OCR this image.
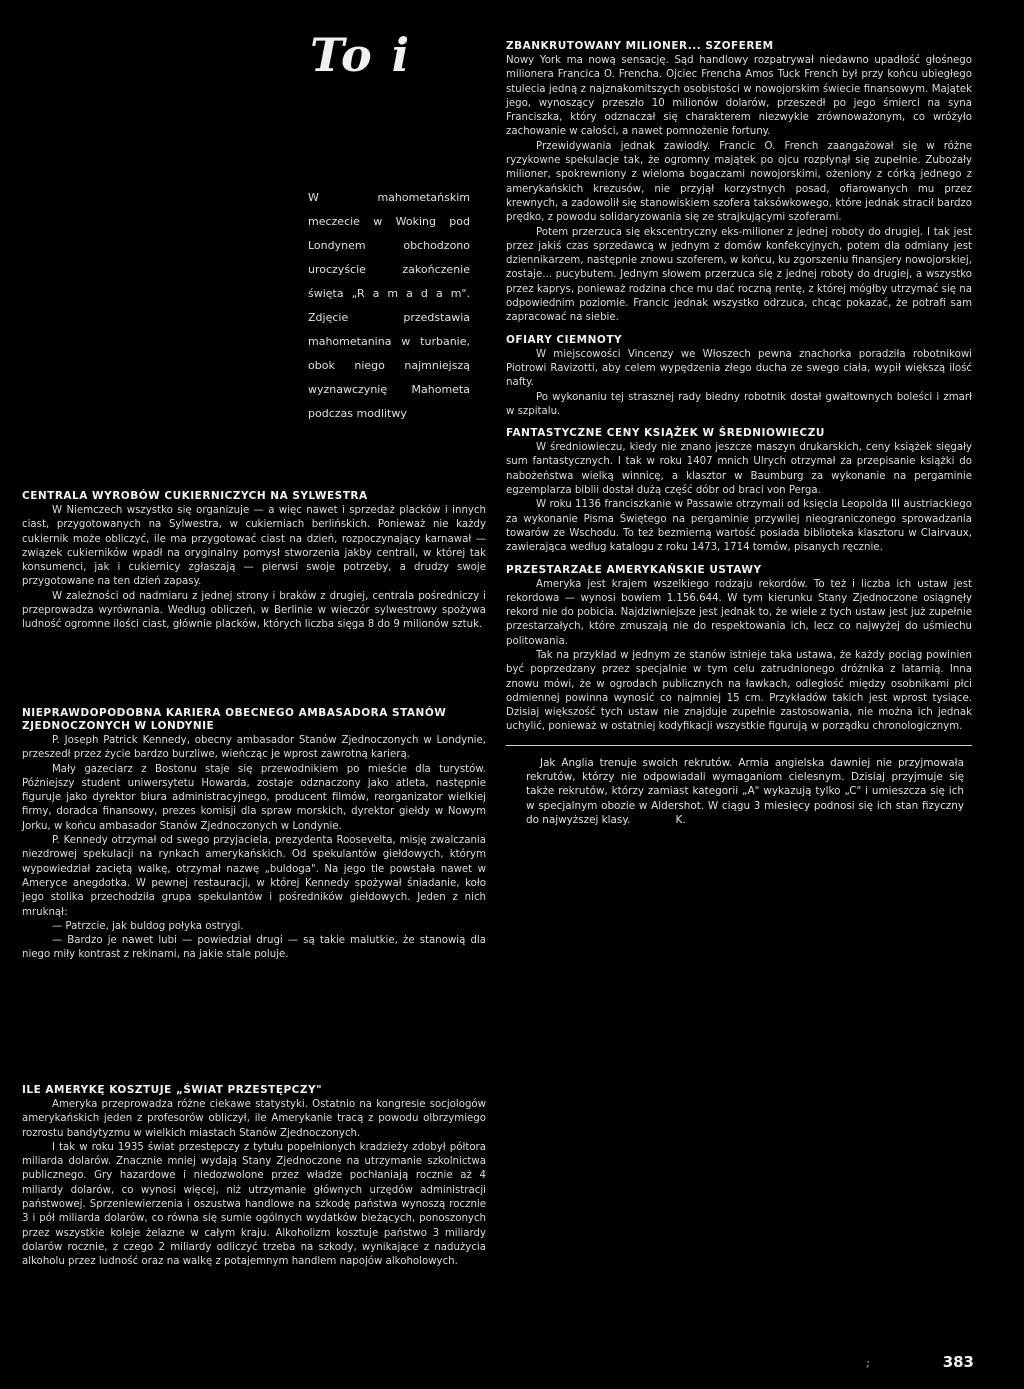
To i

W mahometańskim meczecie w Woking pod Londynem obchodzono uroczyście zakończenie święta „R a m a d a m". Zdjęcie przedstawia mahometanina w turbanie, obok niego najmniejszą wyznawczynię Mahometa podczas modlitwy

CENTRALA WYROBÓW CUKIERNICZYCH NA SYLWESTRA

W Niemczech wszystko się organizuje — a więc nawet i sprzedaż placków i innych ciast, przygotowanych na Sylwestra, w cukierniach berlińskich. Ponieważ nie każdy cukiernik może obliczyć, ile ma przygotować ciast na dzień, rozpoczynający karnawał — związek cukierników wpadł na oryginalny pomysł stworzenia jakby centrali, w której tak konsumenci, jak i cukiernicy zgłaszają — pierwsi swoje potrzeby, a drudzy swoje przygotowane na ten dzień zapasy.

W zależności od nadmiaru z jednej strony i braków z drugiej, centrala pośredniczy i przeprowadza wyrównania. Według obliczeń, w Berlinie w wieczór sylwestrowy spożywa ludność ogromne ilości ciast, głównie placków, których liczba sięga 8 do 9 milionów sztuk.

NIEPRAWDOPODOBNA KARIERA OBECNEGO AMBASADORA STANÓW ZJEDNOCZONYCH W LONDYNIE

P. Joseph Patrick Kennedy, obecny ambasador Stanów Zjednoczonych w Londynie, przeszedł przez życie bardzo burzliwe, wieńcząc je wprost zawrotną karierą.

Mały gazeciarz z Bostonu staje się przewodnikiem po mieście dla turystów. Późniejszy student uniwersytetu Howarda, zostaje odznaczony jako atleta, następnie figuruje jako dyrektor biura administracyjnego, producent filmów, reorganizator wielkiej firmy, doradca finansowy, prezes komisji dla spraw morskich, dyrektor giełdy w Nowym Jorku, w końcu ambasador Stanów Zjednoczonych w Londynie.

P. Kennedy otrzymał od swego przyjaciela, prezydenta Roosevelta, misję zwalczania niezdrowej spekulacji na rynkach amerykańskich. Od spekulantów giełdowych, którym wypowiedział zaciętą walkę, otrzymał nazwę „buldoga". Na jego tle powstała nawet w Ameryce anegdotka. W pewnej restauracji, w której Kennedy spożywał śniadanie, koło jego stolika przechodziła grupa spekulantów i pośredników giełdowych. Jeden z nich mruknął:

— Patrzcie, jak buldog połyka ostrygi.

— Bardzo je nawet lubi — powiedział drugi — są takie malutkie, że stanowią dla niego miły kontrast z rekinami, na jakie stale poluje.

ILE AMERYKĘ KOSZTUJE „ŚWIAT PRZESTĘPCZY"

Ameryka przeprowadza różne ciekawe statystyki. Ostatnio na kongresie socjologów amerykańskich jeden z profesorów obliczył, ile Amerykanie tracą z powodu olbrzymiego rozrostu bandytyzmu w wielkich miastach Stanów Zjednoczonych.

I tak w roku 1935 świat przestępczy z tytułu popełnionych kradzieży zdobył półtora miliarda dolarów. Znacznie mniej wydają Stany Zjednoczone na utrzymanie szkolnictwa publicznego. Gry hazardowe i niedozwolone przez władze pochłaniają rocznie aż 4 miliardy dolarów, co wynosi więcej, niż utrzymanie głównych urzędów administracji państwowej. Sprzeniewierzenia i oszustwa handlowe na szkodę państwa wynoszą rocznie 3 i pół miliarda dolarów, co równa się sumie ogólnych wydatków bieżących, ponoszonych przez wszystkie koleje żelazne w całym kraju. Alkoholizm kosztuje państwo 3 miliardy dolarów rocznie, z czego 2 miliardy odliczyć trzeba na szkody, wynikające z nadużycia alkoholu przez ludność oraz na walkę z potajemnym handlem napojów alkoholowych.

ZBANKRUTOWANY MILIONER... SZOFEREM

Nowy York ma nową sensację. Sąd handlowy rozpatrywał niedawno upadłość głośnego milionera Francica O. Frencha. Ojciec Frencha Amos Tuck French był przy końcu ubiegłego stulecia jedną z najznakomitszych osobistości w nowojorskim świecie finansowym. Majątek jego, wynoszący przeszło 10 milionów dolarów, przeszedł po jego śmierci na syna Franciszka, który odznaczał się charakterem niezwykle zrównoważonym, co wróżyło zachowanie w całości, a nawet pomnożenie fortuny.

Przewidywania jednak zawiodły. Francic O. French zaangażował się w różne ryzykowne spekulacje tak, że ogromny majątek po ojcu rozpłynął się zupełnie. Zubożały milioner, spokrewniony z wieloma bogaczami nowojorskimi, ożeniony z córką jednego z amerykańskich krezusów, nie przyjął korzystnych posad, ofiarowanych mu przez krewnych, a zadowolił się stanowiskiem szofera taksówkowego, które jednak stracił bardzo prędko, z powodu solidaryzowania się ze strajkującymi szoferami.

Potem przerzuca się ekscentryczny eks-milioner z jednej roboty do drugiej. I tak jest przez jakiś czas sprzedawcą w jednym z domów konfekcyjnych, potem dla odmiany jest dziennikarzem, następnie znowu szoferem, w końcu, ku zgorszeniu finansjery nowojorskiej, zostaje... pucybutem. Jednym słowem przerzuca się z jednej roboty do drugiej, a wszystko przez kaprys, ponieważ rodzina chce mu dać roczną rentę, z której mógłby utrzymać się na odpowiednim poziomie. Francic jednak wszystko odrzuca, chcąc pokazać, że potrafi sam zapracować na siebie.

OFIARY CIEMNOTY

W miejscowości Vincenzy we Włoszech pewna znachorka poradziła robotnikowi Piotrowi Ravizotti, aby celem wypędzenia złego ducha ze swego ciała, wypił większą ilość nafty.

Po wykonaniu tej strasznej rady biedny robotnik dostał gwałtownych boleści i zmarł w szpitalu.

FANTASTYCZNE CENY KSIĄŻEK W ŚREDNIOWIECZU

W średniowieczu, kiedy nie znano jeszcze maszyn drukarskich, ceny książek sięgały sum fantastycznych. I tak w roku 1407 mnich Ulrych otrzymał za przepisanie książki do nabożeństwa wielką winnicę, a klasztor w Baumburg za wykonanie na pergaminie egzemplarza biblii dostał dużą część dóbr od braci von Perga.

W roku 1136 franciszkanie w Passawie otrzymali od księcia Leopolda III austriackiego za wykonanie Pisma Świętego na pergaminie przywilej nieograniczonego sprowadzania towarów ze Wschodu. To też bezmierną wartość posiada biblioteka klasztoru w Clairvaux, zawierająca według katalogu z roku 1473, 1714 tomów, pisanych ręcznie.

PRZESTARZAŁE AMERYKAŃSKIE USTAWY

Ameryka jest krajem wszelkiego rodzaju rekordów. To też i liczba ich ustaw jest rekordowa — wynosi bowiem 1.156.644. W tym kierunku Stany Zjednoczone osiągnęły rekord nie do pobicia. Najdziwniejsze jest jednak to, że wiele z tych ustaw jest już zupełnie przestarzałych, które zmuszają nie do respektowania ich, lecz co najwyżej do uśmiechu politowania.

Tak na przykład w jednym ze stanów istnieje taka ustawa, że każdy pociąg powinien być poprzedzany przez specjalnie w tym celu zatrudnionego dróżnika z latarnią. Inna znowu mówi, że w ogrodach publicznych na ławkach, odległość między osobnikami płci odmiennej powinna wynosić co najmniej 15 cm. Przykładów takich jest wprost tysiące. Dzisiaj większość tych ustaw nie znajduje zupełnie zastosowania, nie można ich jednak uchylić, ponieważ w ostatniej kodyfikacji wszystkie figurują w porządku chronologicznym.

Jak Anglia trenuje swoich rekrutów. Armia angielska dawniej nie przyjmowała rekrutów, którzy nie odpowiadali wymaganiom cielesnym. Dzisiaj przyjmuje się także rekrutów, którzy zamiast kategorii „A" wykazują tylko „C" i umieszcza się ich w specjalnym obozie w Aldershot. W ciągu 3 miesięcy podnosi się ich stan fizyczny do najwyższej klasy.	K.

;	383
